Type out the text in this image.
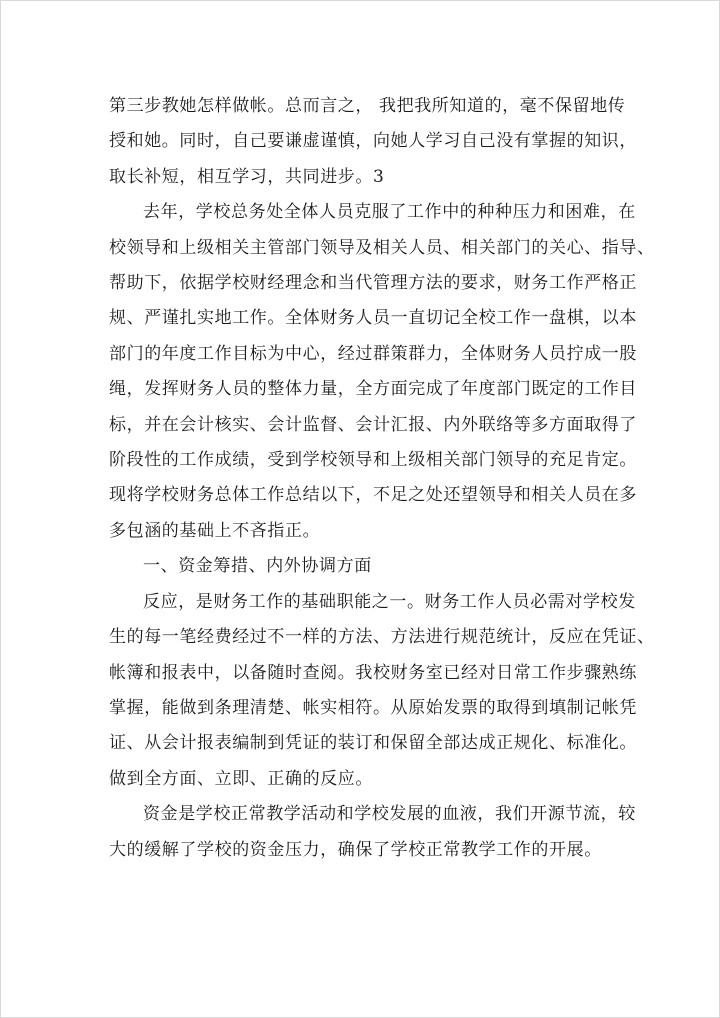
第三步教她怎样做帐。总而言之， 我把我所知道的，毫不保留地传
授和她。同时，自己要谦虚谨慎，向她人学习自己没有掌握的知识，
取长补短，相互学习，共同进步。3
去年，学校总务处全体人员克服了工作中的种种压力和困难，在
校领导和上级相关主管部门领导及相关人员、相关部门的关心、指导、
帮助下，依据学校财经理念和当代管理方法的要求，财务工作严格正
规、严谨扎实地工作。全体财务人员一直切记全校工作一盘棋，以本
部门的年度工作目标为中心，经过群策群力，全体财务人员拧成一股
绳，发挥财务人员的整体力量，全方面完成了年度部门既定的工作目
标，并在会计核实、会计监督、会计汇报、内外联络等多方面取得了
阶段性的工作成绩，受到学校领导和上级相关部门领导的充足肯定。
现将学校财务总体工作总结以下，不足之处还望领导和相关人员在多
多包涵的基础上不吝指正。
一、资金筹措、内外协调方面
反应，是财务工作的基础职能之一。财务工作人员必需对学校发
生的每一笔经费经过不一样的方法、方法进行规范统计，反应在凭证、
帐簿和报表中，以备随时查阅。我校财务室已经对日常工作步骤熟练
掌握，能做到条理清楚、帐实相符。从原始发票的取得到填制记帐凭
证、从会计报表编制到凭证的装订和保留全部达成正规化、标准化。
做到全方面、立即、正确的反应。
资金是学校正常教学活动和学校发展的血液，我们开源节流，较
大的缓解了学校的资金压力，确保了学校正常教学工作的开展。
